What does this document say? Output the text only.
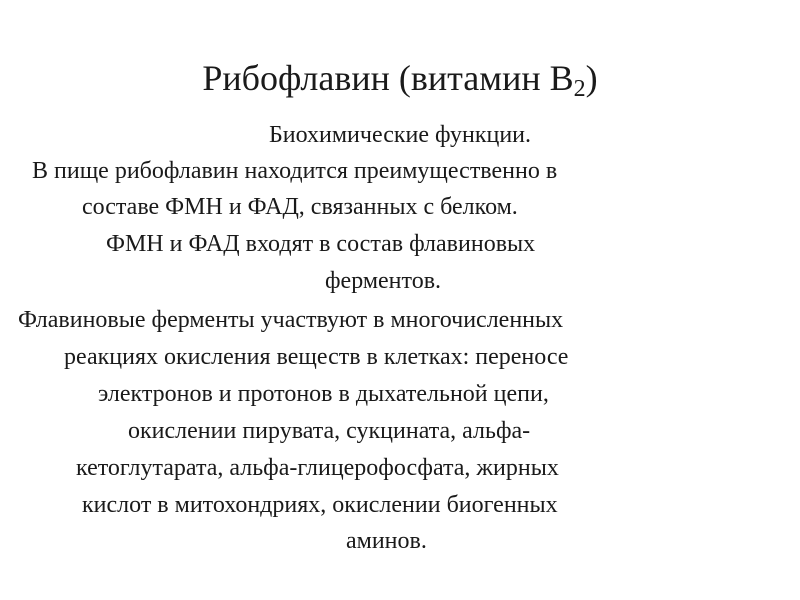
Рибофлавин (витамин $B_2$)
Биохимические функции.
В пище рибофлавин находится преимущественно в
составе ФМН и ФАД, связанных с белком.
ФМН и ФАД входят в состав флавиновых
ферментов.
Флавиновые ферменты участвуют в многочисленных
реакциях окисления веществ в клетках: переносе
электронов и протонов в дыхательной цепи,
окислении пирувата, сукцината, альфа-
кетоглутарата, альфа-глицерофосфата, жирных
кислот в митохондриях, окислении биогенных
аминов.
